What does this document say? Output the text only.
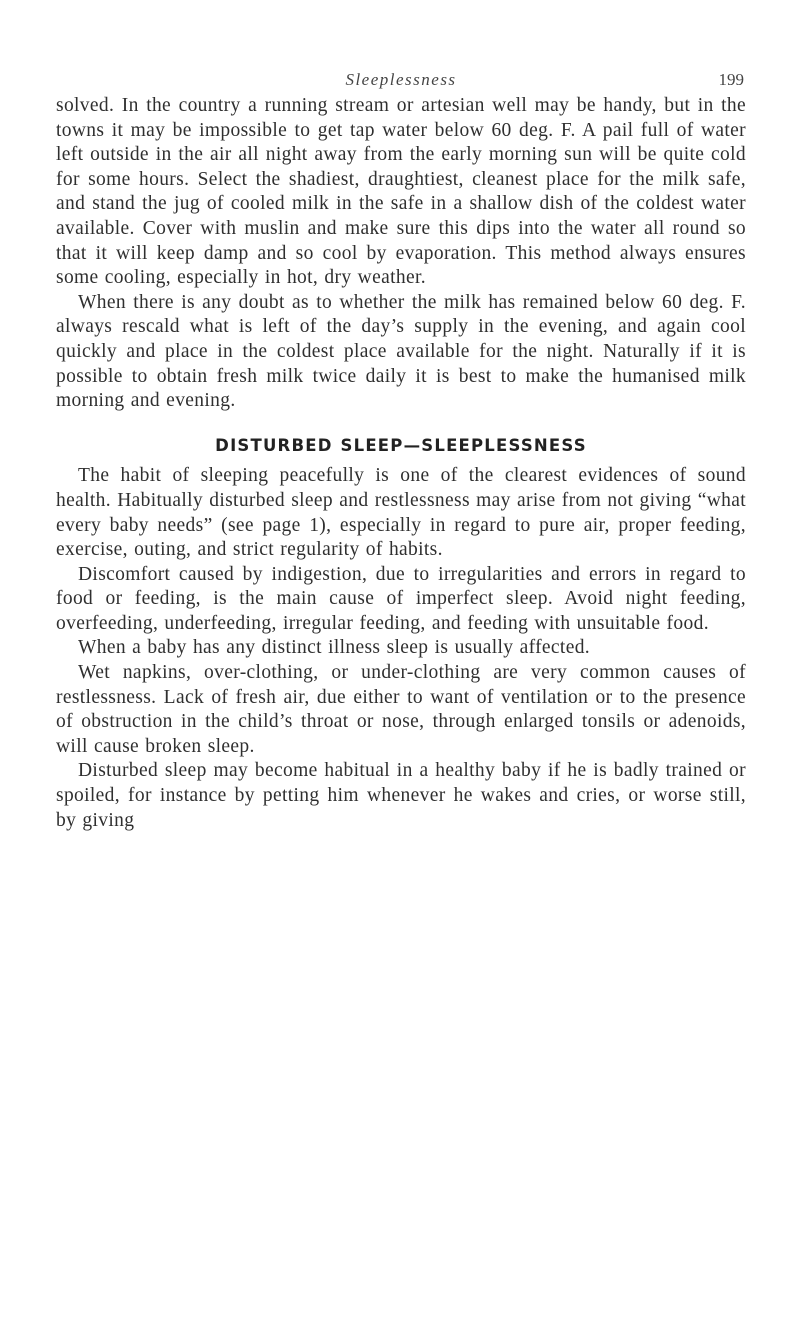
Sleeplessness	199

solved. In the country a running stream or artesian well may be handy, but in the towns it may be impossible to get tap water below 60 deg. F. A pail full of water left outside in the air all night away from the early morning sun will be quite cold for some hours. Select the shadiest, draughtiest, cleanest place for the milk safe, and stand the jug of cooled milk in the safe in a shallow dish of the coldest water available. Cover with muslin and make sure this dips into the water all round so that it will keep damp and so cool by evaporation. This method always ensures some cooling, especially in hot, dry weather.

When there is any doubt as to whether the milk has remained below 60 deg. F. always rescald what is left of the day’s supply in the evening, and again cool quickly and place in the coldest place available for the night. Naturally if it is possible to obtain fresh milk twice daily it is best to make the humanised milk morning and evening.

DISTURBED SLEEP—SLEEPLESSNESS

The habit of sleeping peacefully is one of the clearest evidences of sound health. Habitually disturbed sleep and restlessness may arise from not giving “what every baby needs” (see page 1), especially in regard to pure air, proper feeding, exercise, outing, and strict regularity of habits.

Discomfort caused by indigestion, due to irregularities and errors in regard to food or feeding, is the main cause of imperfect sleep. Avoid night feeding, overfeeding, underfeeding, irregular feeding, and feeding with unsuitable food.

When a baby has any distinct illness sleep is usually affected.

Wet napkins, over-clothing, or under-clothing are very common causes of restlessness. Lack of fresh air, due either to want of ventilation or to the presence of obstruction in the child’s throat or nose, through enlarged tonsils or adenoids, will cause broken sleep.

Disturbed sleep may become habitual in a healthy baby if he is badly trained or spoiled, for instance by petting him whenever he wakes and cries, or worse still, by giving
